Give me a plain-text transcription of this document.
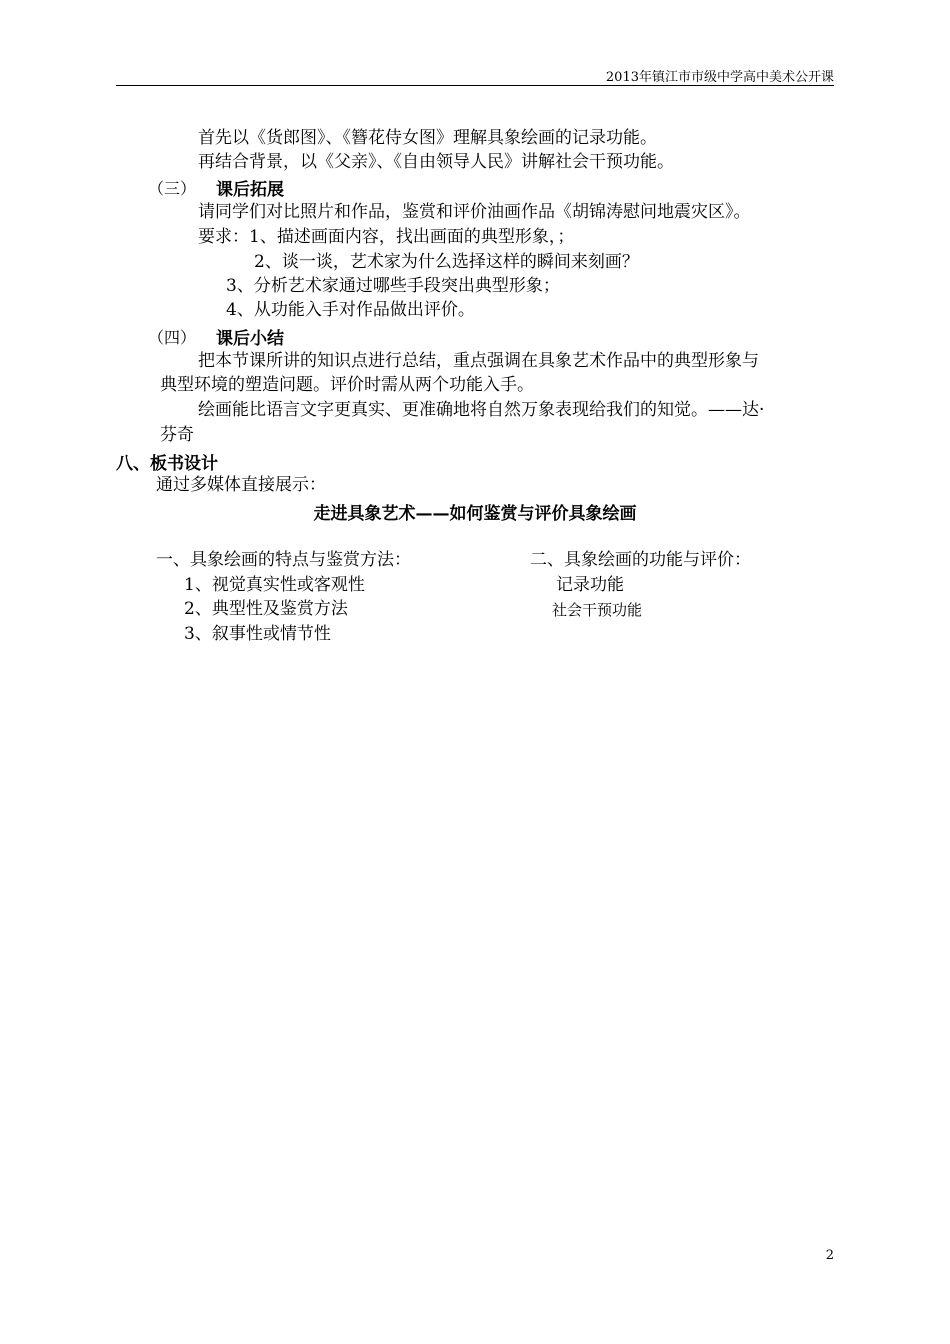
2013年镇江市市级中学高中美术公开课
首先以《货郎图》、《簪花侍女图》理解具象绘画的记录功能。
再结合背景，以《父亲》、《自由领导人民》讲解社会干预功能。
（三） 课后拓展
请同学们对比照片和作品，鉴赏和评价油画作品《胡锦涛慰问地震灾区》。
要求：1、描述画面内容，找出画面的典型形象，；
2、谈一谈，艺术家为什么选择这样的瞬间来刻画？
3、分析艺术家通过哪些手段突出典型形象；
4、从功能入手对作品做出评价。
（四） 课后小结
把本节课所讲的知识点进行总结，重点强调在具象艺术作品中的典型形象与
典型环境的塑造问题。评价时需从两个功能入手。
绘画能比语言文字更真实、更准确地将自然万象表现给我们的知觉。——达·
芬奇
八、板书设计
通过多媒体直接展示：
走进具象艺术——如何鉴赏与评价具象绘画
一、具象绘画的特点与鉴赏方法：
1、视觉真实性或客观性
2、典型性及鉴赏方法
3、叙事性或情节性
二、具象绘画的功能与评价：
记录功能
社会干预功能
2
